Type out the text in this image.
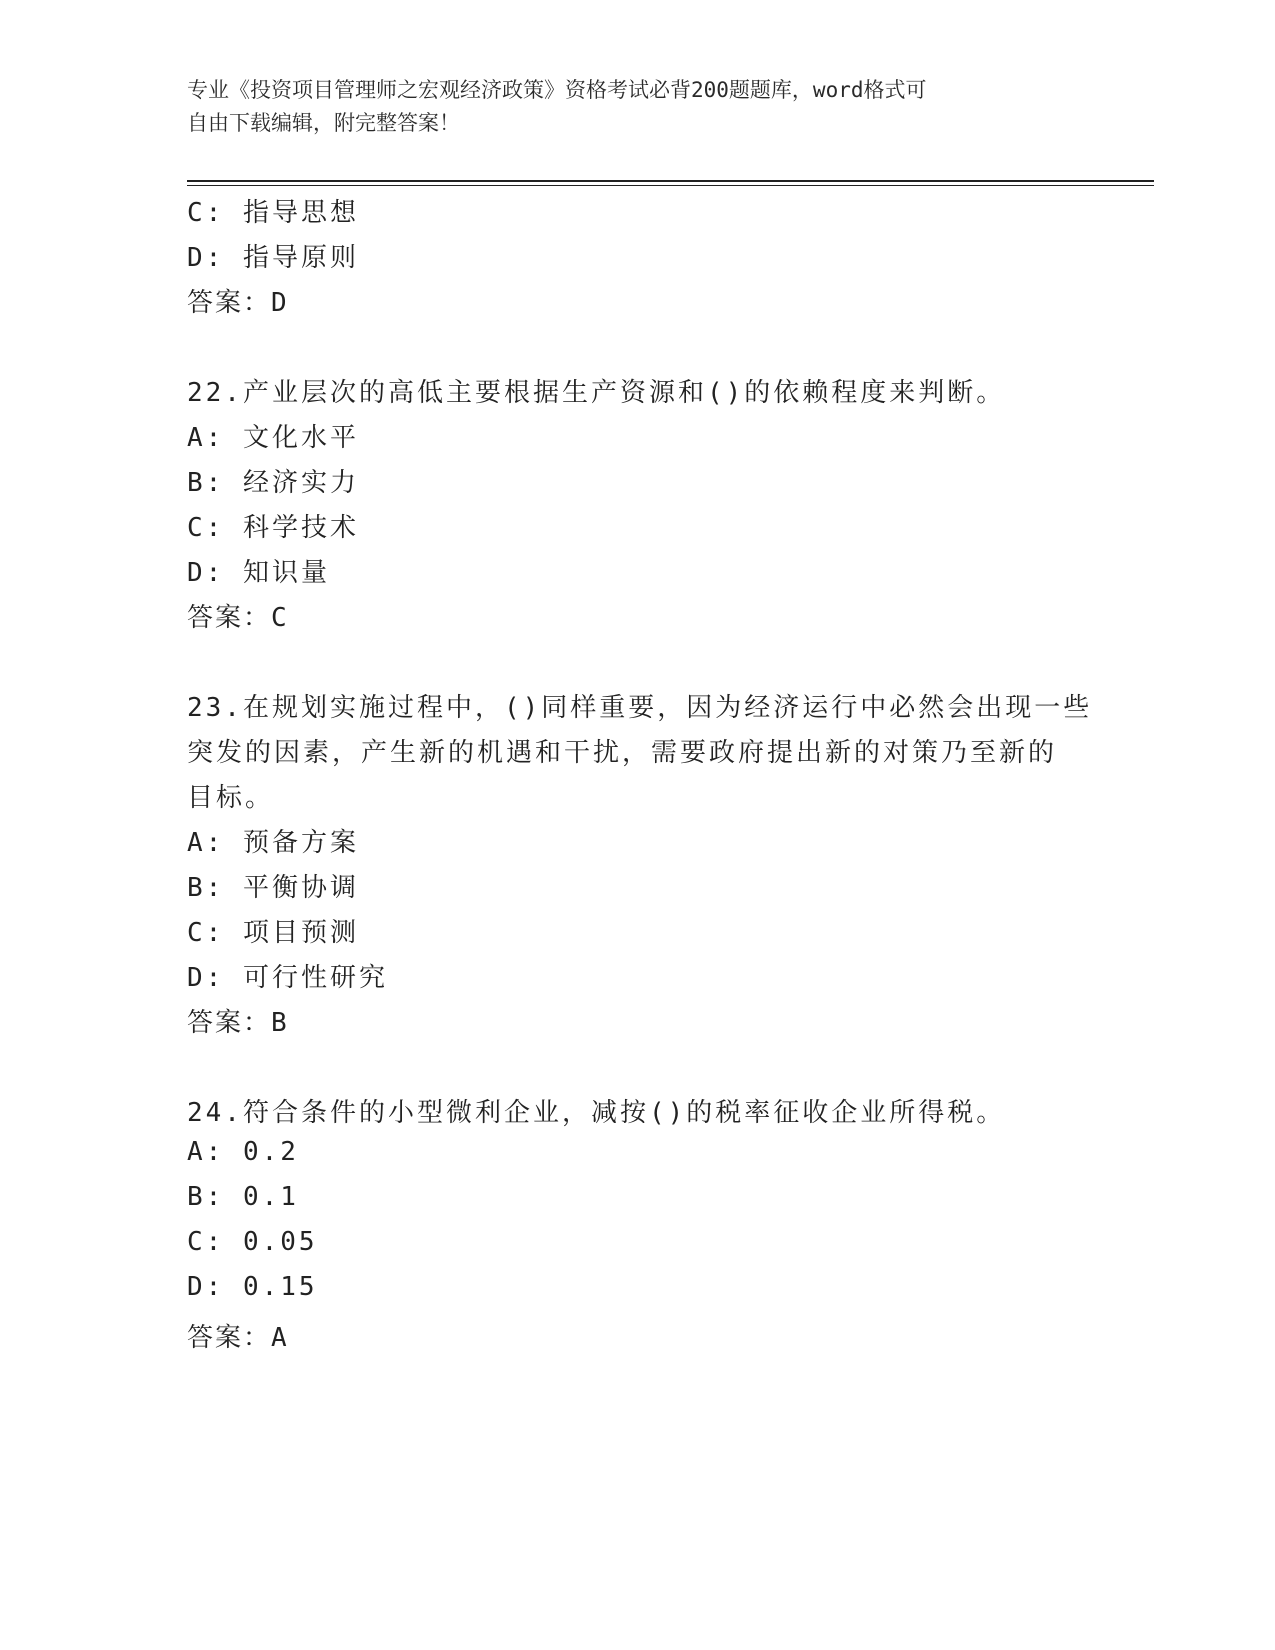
专业《投资项目管理师之宏观经济政策》资格考试必背200题题库，word格式可
自由下载编辑，附完整答案！
C: 指导思想
D: 指导原则
答案：D
22.产业层次的高低主要根据生产资源和()的依赖程度来判断。
A: 文化水平
B: 经济实力
C: 科学技术
D: 知识量
答案：C
23.在规划实施过程中，()同样重要，因为经济运行中必然会出现一些
突发的因素，产生新的机遇和干扰，需要政府提出新的对策乃至新的
目标。
A: 预备方案
B: 平衡协调
C: 项目预测
D: 可行性研究
答案：B
24.符合条件的小型微利企业，减按()的税率征收企业所得税。
A: 0.2
B: 0.1
C: 0.05
D: 0.15
答案：A
